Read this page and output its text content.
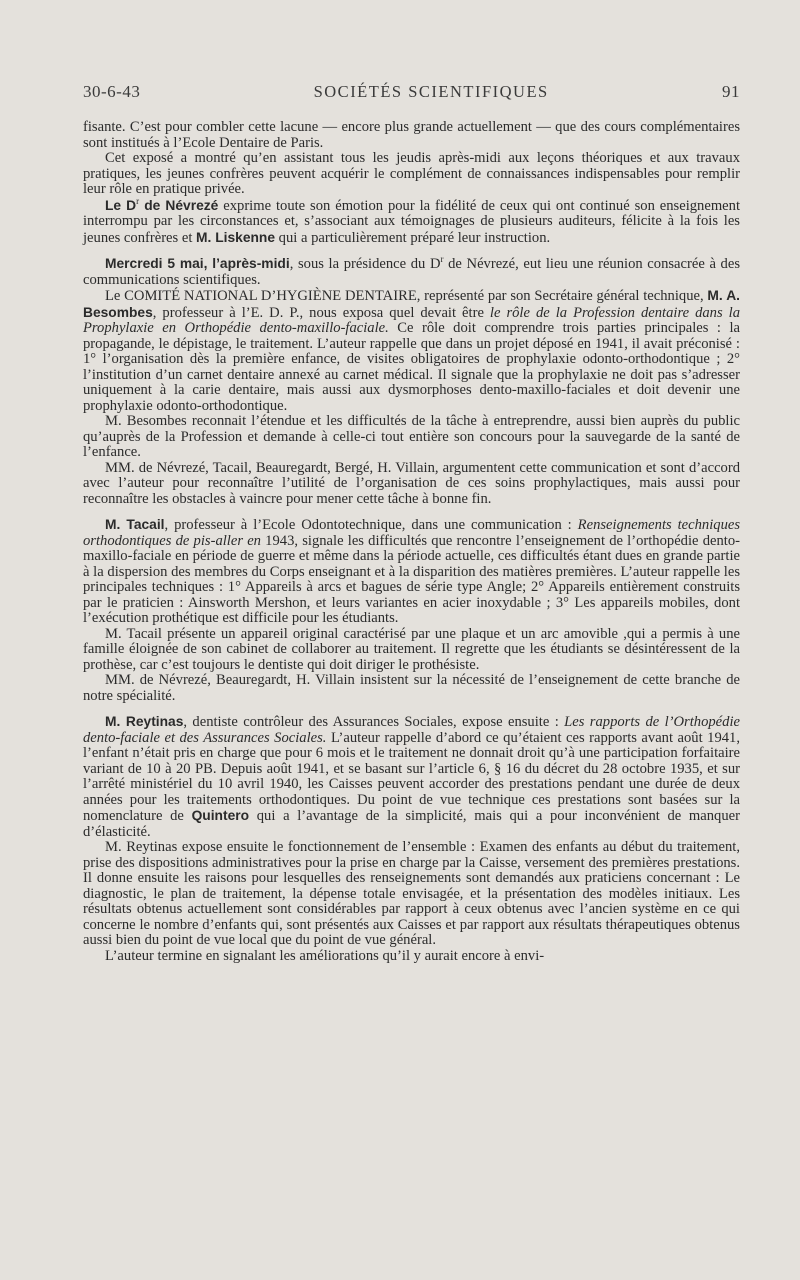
30-6-43	SOCIÉTÉS SCIENTIFIQUES	91

fisante. C’est pour combler cette lacune — encore plus grande actuellement — que des cours complémentaires sont institués à l’Ecole Dentaire de Paris.

Cet exposé a montré qu’en assistant tous les jeudis après-midi aux leçons théoriques et aux travaux pratiques, les jeunes confrères peuvent acquérir le complément de connaissances indispensables pour remplir leur rôle en pratique privée.

Le $D^r$ de Névrezé exprime toute son émotion pour la fidélité de ceux qui ont continué son enseignement interrompu par les circonstances et, s’associant aux témoignages de plusieurs auditeurs, félicite à la fois les jeunes confrères et M. Liskenne qui a particulièrement préparé leur instruction.

Mercredi 5 mai, l’après-midi, sous la présidence du $D^r$ de Névrezé, eut lieu une réunion consacrée à des communications scientifiques.

Le COMITÉ NATIONAL D’HYGIÈNE DENTAIRE, représenté par son Secrétaire général technique, M. A. Besombes, professeur à l’E. D. P., nous exposa quel devait être le rôle de la Profession dentaire dans la Prophylaxie en Orthopédie dento-maxillo-faciale. Ce rôle doit comprendre trois parties principales : la propagande, le dépistage, le traitement. L’auteur rappelle que dans un projet déposé en 1941, il avait préconisé : 1° l’organisation dès la première enfance, de visites obligatoires de prophylaxie odonto-orthodontique ; 2° l’institution d’un carnet dentaire annexé au carnet médical. Il signale que la prophylaxie ne doit pas s’adresser uniquement à la carie dentaire, mais aussi aux dysmorphoses dento-maxillo-faciales et doit devenir une prophylaxie odonto-orthodontique.

M. Besombes reconnait l’étendue et les difficultés de la tâche à entreprendre, aussi bien auprès du public qu’auprès de la Profession et demande à celle-ci tout entière son concours pour la sauvegarde de la santé de l’enfance.

MM. de Névrezé, Tacail, Beauregardt, Bergé, H. Villain, argumentent cette communication et sont d’accord avec l’auteur pour reconnaître l’utilité de l’organisation de ces soins prophylactiques, mais aussi pour reconnaître les obstacles à vaincre pour mener cette tâche à bonne fin.

M. Tacail, professeur à l’Ecole Odontotechnique, dans une communication : Renseignements techniques orthodontiques de pis-aller en 1943, signale les difficultés que rencontre l’enseignement de l’orthopédie dento-maxillo-faciale en période de guerre et même dans la période actuelle, ces difficultés étant dues en grande partie à la dispersion des membres du Corps enseignant et à la disparition des matières premières. L’auteur rappelle les principales techniques : 1° Appareils à arcs et bagues de série type Angle; 2° Appareils entièrement construits par le praticien : Ainsworth Mershon, et leurs variantes en acier inoxydable ; 3° Les appareils mobiles, dont l’exécution prothétique est difficile pour les étudiants.

M. Tacail présente un appareil original caractérisé par une plaque et un arc amovible ,qui a permis à une famille éloignée de son cabinet de collaborer au traitement. Il regrette que les étudiants se désintéressent de la prothèse, car c’est toujours le dentiste qui doit diriger le prothésiste.

MM. de Névrezé, Beauregardt, H. Villain insistent sur la nécessité de l’enseignement de cette branche de notre spécialité.

M. Reytinas, dentiste contrôleur des Assurances Sociales, expose ensuite : Les rapports de l’Orthopédie dento-faciale et des Assurances Sociales. L’auteur rappelle d’abord ce qu’étaient ces rapports avant août 1941, l’enfant n’était pris en charge que pour 6 mois et le traitement ne donnait droit qu’à une participation forfaitaire variant de 10 à 20 PB. Depuis août 1941, et se basant sur l’article 6, § 16 du décret du 28 octobre 1935, et sur l’arrêté ministériel du 10 avril 1940, les Caisses peuvent accorder des prestations pendant une durée de deux années pour les traitements orthodontiques. Du point de vue technique ces prestations sont basées sur la nomenclature de Quintero qui a l’avantage de la simplicité, mais qui a pour inconvénient de manquer d’élasticité.

M. Reytinas expose ensuite le fonctionnement de l’ensemble : Examen des enfants au début du traitement, prise des dispositions administratives pour la prise en charge par la Caisse, versement des premières prestations. Il donne ensuite les raisons pour lesquelles des renseignements sont demandés aux praticiens concernant : Le diagnostic, le plan de traitement, la dépense totale envisagée, et la présentation des modèles initiaux. Les résultats obtenus actuellement sont considérables par rapport à ceux obtenus avec l’ancien système en ce qui concerne le nombre d’enfants qui, sont présentés aux Caisses et par rapport aux résultats thérapeutiques obtenus aussi bien du point de vue local que du point de vue général.

L’auteur termine en signalant les améliorations qu’il y aurait encore à envi-
